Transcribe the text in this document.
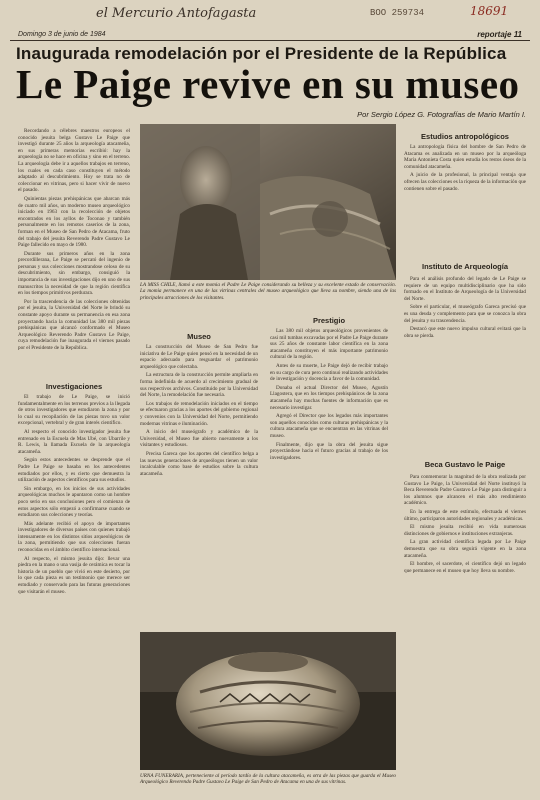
el Mercurio Antofagasta	BOO 259734	18691
Domingo 3 de junio de 1984	reportaje 11
Inaugurada remodelación por el Presidente de la República
Le Paige revive en su museo
Por Sergio López G. Fotografías de Mario Martín I.

Recordando a célebres maestros europeos el conocido jesuita belga Gustavo Le Paige que investigó durante 25 años la arqueología atacameña, en sus primeras memorias escribió: hay la arqueología no se hace en oficina y sino en el terreno. La arqueología debe ir a aquellos trabajos en terreno, los cuales en cada caso constituyen el método adaptado al descubrimiento. Hoy se trata no de coleccionar en vitrinas, pero si hacer vivir de nuevo el pasado.

Quinientas piezas prehispánicas que abarcan más de cuatro mil años, un moderno museo arqueológico iniciado en 1963 con la recolección de objetos encontrados en los ayllos de Toconao y también personalmente en los remotos caseríos de la zona, forman en el Museo de San Pedro de Atacama, fruto del trabajo del jesuita Reverendo Padre Gustavo Le Paige fallecido en mayo de 1980.

Durante sus primeros años en la zona precordillerana, Le Paige se percató del ingenio de personas y sus colecciones mostrandose celoso de su descubrimiento, sin embargo, consiguió la importancia de sus investigaciones dijo en uno de sus manuscritos la necesidad de que la región científica en los tiempos primitivos perdurara.

Por la trascendencia de las colecciones obtenidas por el jesuita, la Universidad del Norte le brindó su constante apoyo durante su permanencia en esa zona proyectando hacia la comunidad las 380 mil piezas prehispánicas que alcanzó conformado el Museo Arqueológico Reverendo Padre Gustavo Le Paige, cuya remodelación fue inaugurada el viernes pasado por el Presidente de la República.

Investigaciones

El trabajo de Le Paige, se inició fundamentalmente en los terrenos previos a la llegada de otros investigadores que estudiaron la zona y por lo cual su recopilación de las piezas tuvo un valor excepcional, vertebral y de gran interés científico.

Al respecto el conocido investigador jesuita fue entrenado en la Escuela de Mas Ubé, con Ubarrile y R. Lewis, la llamada Escuela de la arqueología atacameña.

Según estos antecedentes se desprende que el Padre Le Paige se basaba en los antecedentes estudiados por ellos, y es cierto que demuestra la utilización de aspectos científicos para sus estudios.

Sin embargo, en los inicios de sus actividades arqueológicas muchos le apuntaron como un hombre poco serio en sus conclusiones pero el comienzo de estos aspectos sólo empezó a confirmarse cuando se estudiaron sus colecciones y teorías.

Más adelante recibió el apoyo de importantes investigadores de diversos países con quienes trabajó intensamente en los distintos sitios arqueológicos de la zona, permitiendo que sus colecciones fueran reconocidas en el ámbito científico internacional.

Al respecto, el mismo jesuita dijo: llevar una piedra en la mano o una vasija de cerámica es tocar la historia de un pueblo que vivió en este desierto, por lo que cada pieza es un testimonio que merece ser estudiado y conservado para las futuras generaciones que visitarán el museo.

LA MISS CHILE, llamó a este momia el Padre Le Paige considerando su belleza y su excelente estado de conservación. La momia permanece en una de las vitrinas centrales del museo arqueológico que lleva su nombre, siendo una de las principales atracciones de los visitantes.
Museo

La construcción del Museo de San Pedro fue iniciativa de Le Paige quien pensó en la necesidad de un espacio adecuado para resguardar el patrimonio arqueológico que colectaba.

La estructura de la construcción permite ampliarla en forma indefinida de acuerdo al crecimiento gradual de sus respectivos archivos. Constituido por la Universidad del Norte, la remodelación fue necesaria.

Los trabajos de remodelación iniciados en el tiempo se efectuaron gracias a los aportes del gobierno regional y convenios con la Universidad del Norte, permitiendo modernas vitrinas e iluminación.

A inicio del museógrafo y académico de la Universidad, el Museo fue abierto nuevamente a los visitantes y estudiosos.

Precisa Gareca que los aportes del científico belga a las nuevas generaciones de arqueólogos tienen un valor incalculable como base de estudios sobre la cultura atacameña.

Prestigio

Las 380 mil objetos arqueológicos provenientes de casi mil tumbas excavadas por el Padre Le Paige durante sus 25 años de constante labor científica en la zona atacameña constituyen el más importante patrimonio cultural de la región.

Antes de su muerte, Le Paige dejó de recibir trabajo en su cargo de cura pero continuó realizando actividades de investigación y docencia a favor de la comunidad.

Donaba el actual Director del Museo, Agustín Llagostera, que en los tiempos prehispánicos de la zona atacameña hay muchas fuentes de información que es necesario investigar.

Agregó el Director que los legados más importantes son aquellos conocidos como culturas prehispánicas y la cultura atacameña que se encuentran en las vitrinas del museo.

Finalmente, dijo que la obra del jesuita sigue proyectándose hacia el futuro gracias al trabajo de los investigadores.

URNA FUNERARIA, perteneciente al período tardío de la cultura atacameña, es otra de las piezas que guarda el Museo Arqueológico Reverendo Padre Gustavo Le Paige de San Pedro de Atacama en una de sus vitrinas.
Estudios antropológicos

La antropología física del hombre de San Pedro de Atacama es analizada en un museo por la arqueóloga María Antonieta Costa quien estudia los restos óseos de la comunidad atacameña.

A juicio de la profesional, la principal ventaja que ofrecen las colecciones es la riqueza de la información que contienen sobre el pasado.

Instituto de Arqueología

Para el análisis profundo del legado de Le Paige se requiere de un equipo multidisciplinario que ha sido formado en el Instituto de Arqueología de la Universidad del Norte.

Sobre el particular, el museógrafo Gareca precisó que es una deuda y complemento para que se conozca la obra del jesuita y su trascendencia.

Destacó que este nuevo impulso cultural evitará que la obra se pierda.

Beca Gustavo le Paige

Para conmemorar la magnitud de la obra realizada por Gustavo Le Paige, la Universidad del Norte instituyó la Beca Reverendo Padre Gustavo Le Paige para distinguir a los alumnos que alcancen el más alto rendimiento académico.

En la entrega de este estímulo, efectuada el viernes último, participaron autoridades regionales y académicas.

El mismo jesuita recibió en vida numerosas distinciones de gobiernos e instituciones extranjeras.

La gran actividad científica legada por Le Paige demuestra que su obra seguirá vigente en la zona atacameña.

El hombre, el sacerdote, el científico dejó un legado que permanece en el museo que hoy lleva su nombre.
